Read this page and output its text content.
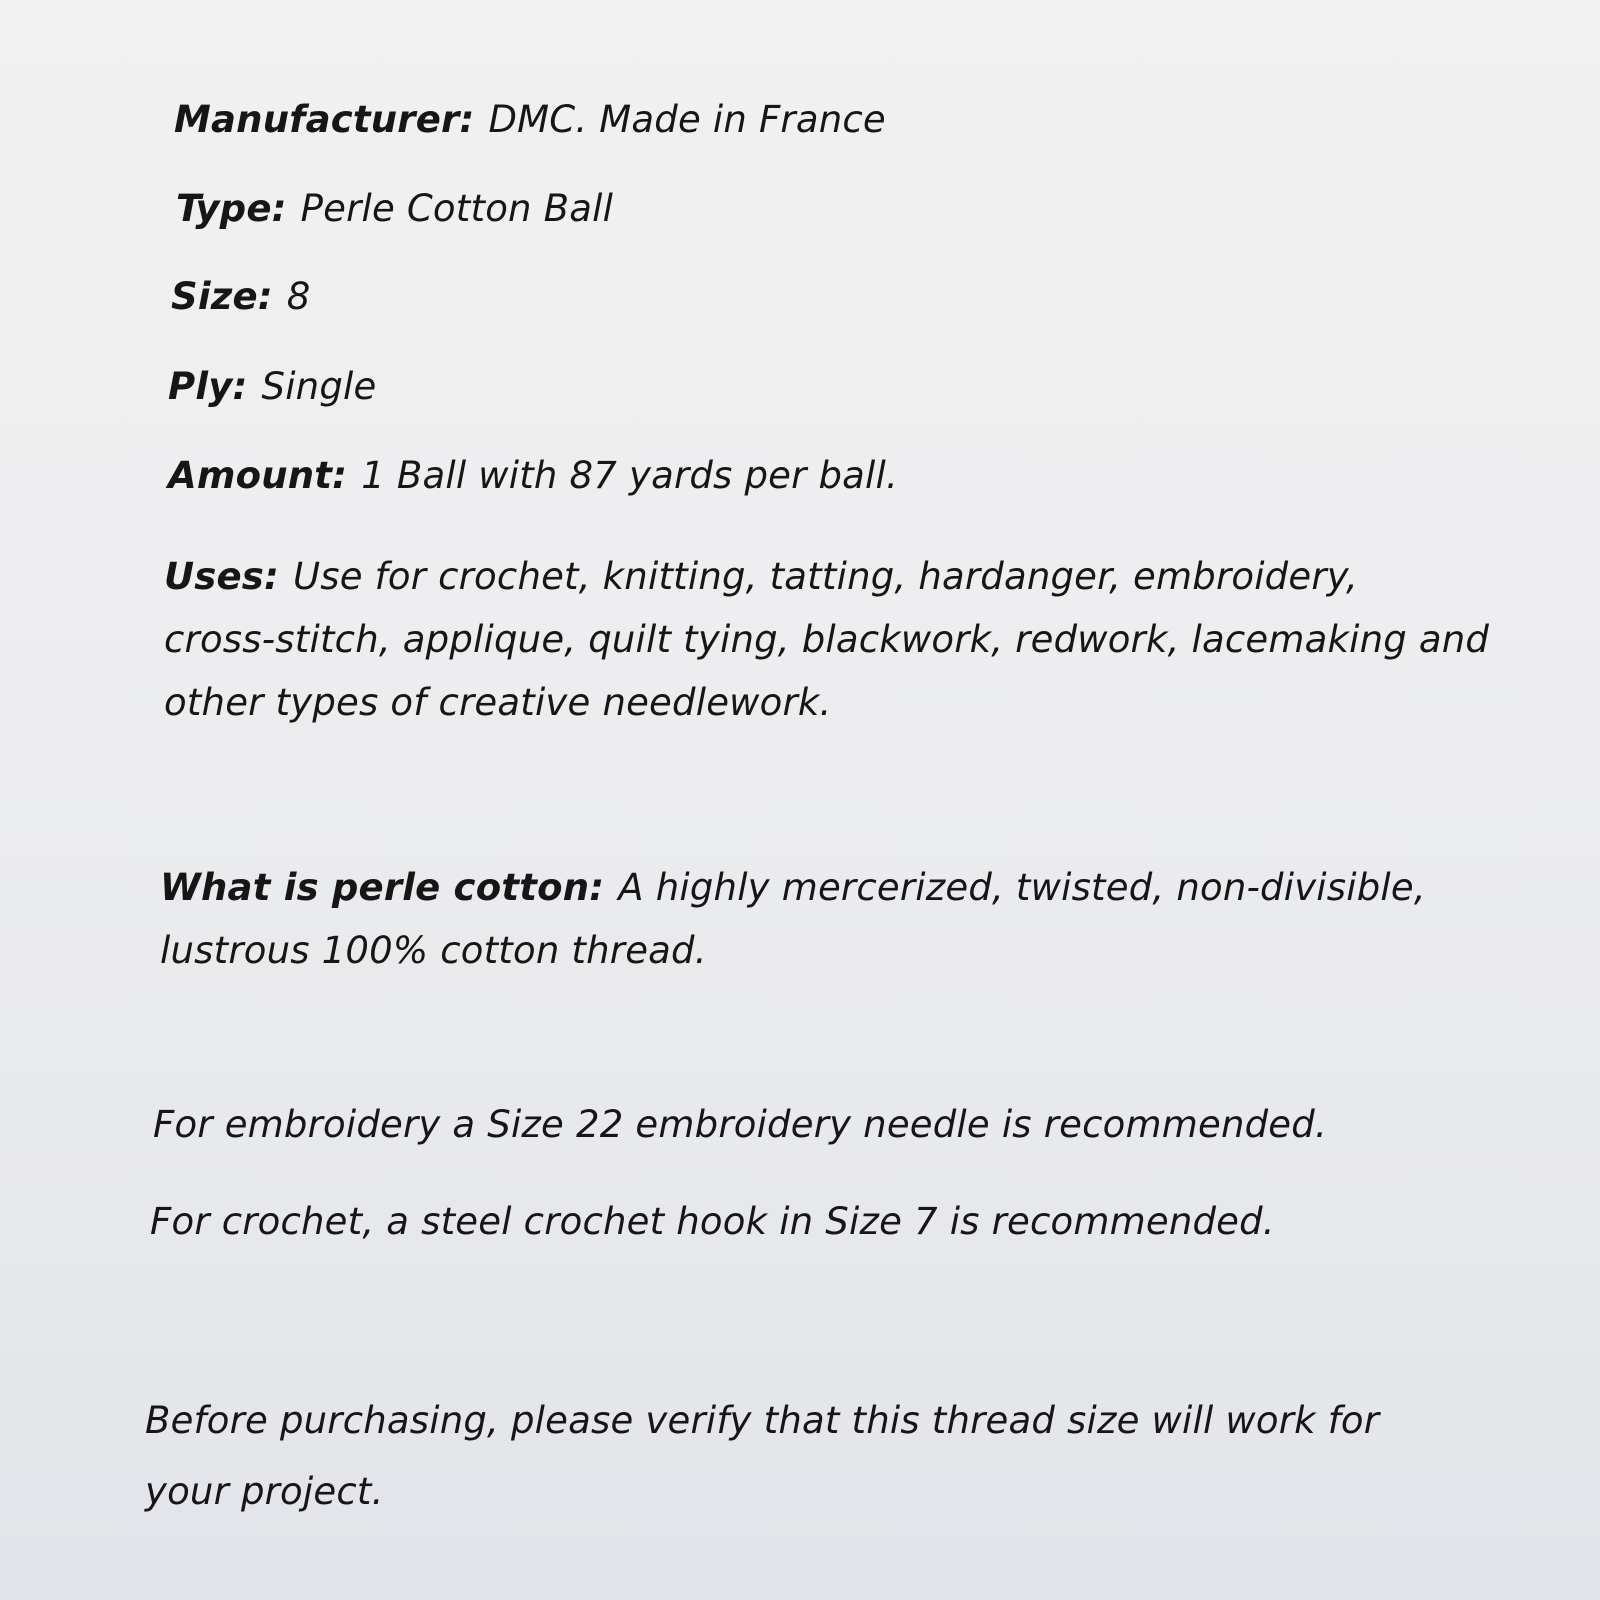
Manufacturer: DMC. Made in France
Type: Perle Cotton Ball
Size: 8
Ply: Single
Amount: 1 Ball with 87 yards per ball.
Uses: Use for crochet, knitting, tatting, hardanger, embroidery,
cross-stitch, applique, quilt tying, blackwork, redwork, lacemaking and
other types of creative needlework.
What is perle cotton: A highly mercerized, twisted, non-divisible,
lustrous 100% cotton thread.
For embroidery a Size 22 embroidery needle is recommended.
For crochet, a steel crochet hook in Size 7 is recommended.
Before purchasing, please verify that this thread size will work for
your project.
